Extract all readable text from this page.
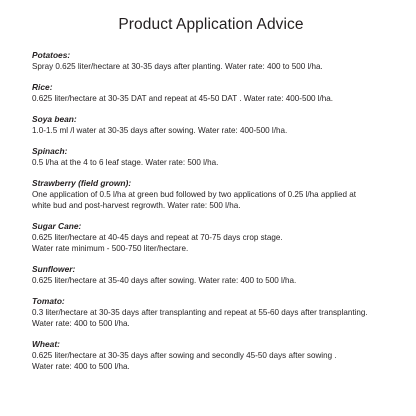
Product Application Advice

Potatoes:

Spray 0.625 liter/hectare at 30-35 days after planting. Water rate: 400 to 500 l/ha.

Rice:

0.625 liter/hectare at 30-35 DAT and repeat at 45-50 DAT . Water rate: 400-500 l/ha.

Soya bean:

1.0-1.5 ml /l water at 30-35 days after sowing. Water rate: 400-500 l/ha.

Spinach:

0.5 l/ha at the 4 to 6 leaf stage. Water rate: 500 l/ha.

Strawberry (field grown):

One application of 0.5 l/ha at green bud followed by two applications of 0.25 l/ha applied at
white bud and post-harvest regrowth. Water rate: 500 l/ha.

Sugar Cane:

0.625 liter/hectare at 40-45 days and repeat at 70-75 days crop stage.
Water rate minimum - 500-750 liter/hectare.

Sunflower:

0.625 liter/hectare at 35-40 days after sowing. Water rate: 400 to 500 l/ha.

Tomato:

0.3 liter/hectare at 30-35 days after transplanting and repeat at 55-60 days after transplanting.
Water rate: 400 to 500 l/ha.

Wheat:

0.625 liter/hectare at 30-35 days after sowing and secondly 45-50 days after sowing .
Water rate: 400 to 500 l/ha.
